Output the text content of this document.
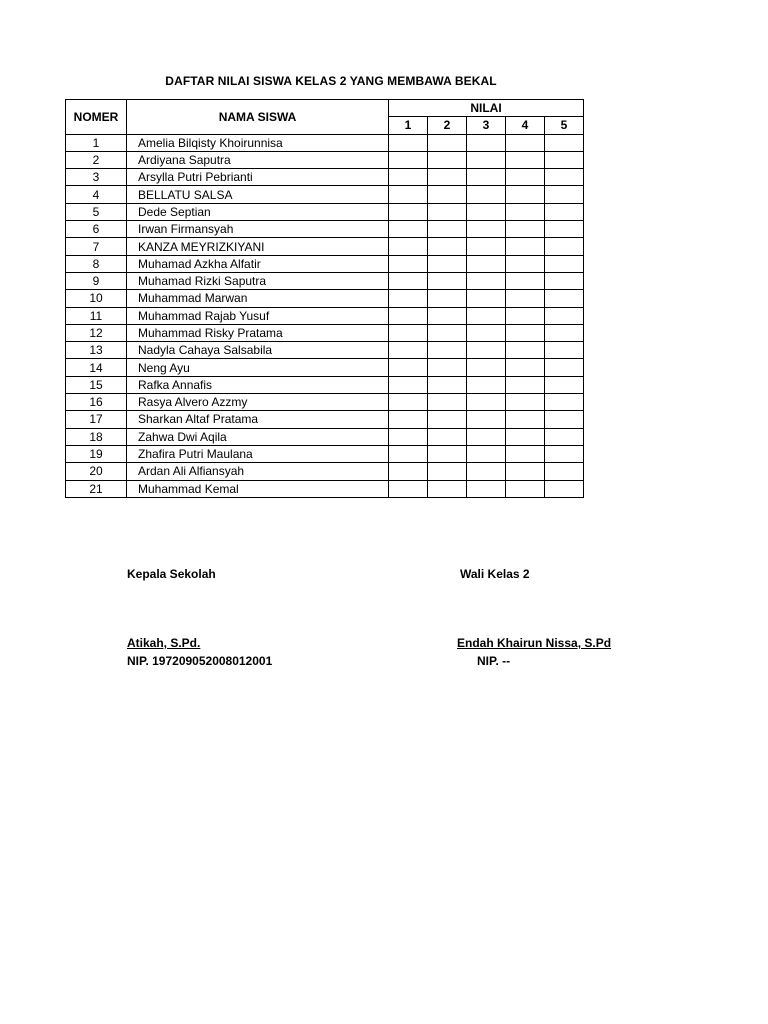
DAFTAR NILAI SISWA KELAS 2 YANG MEMBAWA BEKAL
NOMER	NAMA SISWA	NILAI				
		1	2	3	4	5
1	Amelia Bilqisty Khoirunnisa					
2	Ardiyana Saputra					
3	Arsylla Putri Pebrianti					
4	BELLATU SALSA					
5	Dede Septian					
6	Irwan Firmansyah					
7	KANZA MEYRIZKIYANI					
8	Muhamad Azkha Alfatir					
9	Muhamad Rizki Saputra					
10	Muhammad Marwan					
11	Muhammad Rajab Yusuf					
12	Muhammad Risky Pratama					
13	Nadyla Cahaya Salsabila					
14	Neng Ayu					
15	Rafka Annafis					
16	Rasya Alvero Azzmy					
17	Sharkan Altaf Pratama					
18	Zahwa Dwi Aqila					
19	Zhafira Putri Maulana					
20	Ardan Ali Alfiansyah					
21	Muhammad Kemal					
Kepala Sekolah
Atikah, S.Pd.
NIP. 197209052008012001
Wali Kelas 2
Endah Khairun Nissa, S.Pd
NIP. --
